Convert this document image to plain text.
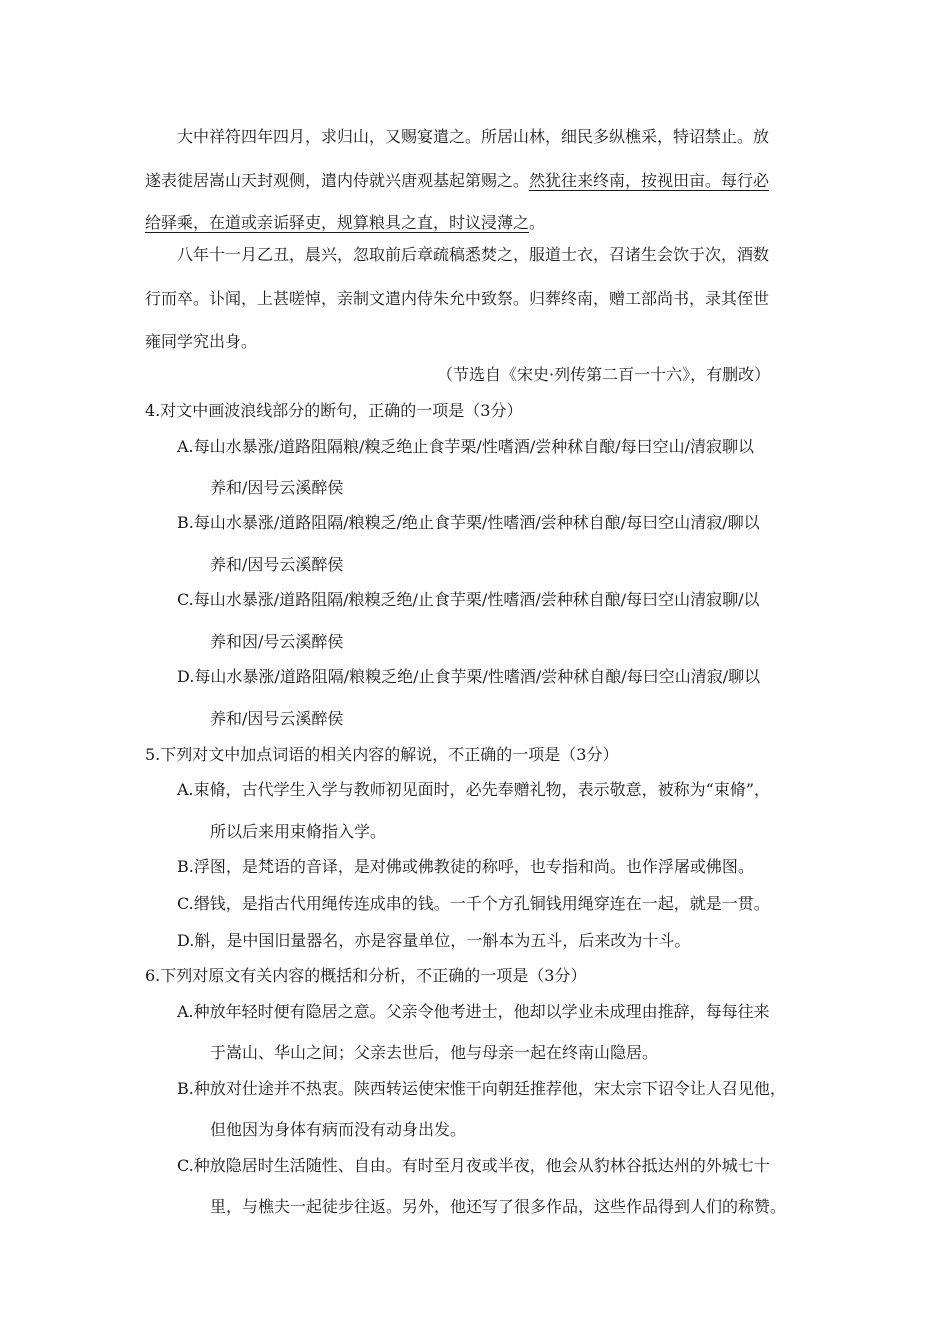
大中祥符四年四月，求归山，又赐宴遣之。所居山林，细民多纵樵采，特诏禁止。放
遂表徙居嵩山天封观侧，遣内侍就兴唐观基起第赐之。然犹往来终南，按视田亩。每行必
给驿乘，在道或亲诟驿吏，规算粮具之直，时议浸薄之。
八年十一月乙丑，晨兴，忽取前后章疏稿悉焚之，服道士衣，召诸生会饮于次，酒数
行而卒。讣闻，上甚嗟悼，亲制文遣内侍朱允中致祭。归葬终南，赠工部尚书，录其侄世
雍同学究出身。
（节选自《宋史·列传第二百一十六》，有删改）
4.对文中画波浪线部分的断句，正确的一项是（3分）
A.每山水暴涨/道路阻隔粮/糗乏绝止食芋栗/性嗜酒/尝种秫自酿/每曰空山/清寂聊以
养和/因号云溪醉侯
B.每山水暴涨/道路阻隔/粮糗乏/绝止食芋栗/性嗜酒/尝种秫自酿/每曰空山清寂/聊以
养和/因号云溪醉侯
C.每山水暴涨/道路阻隔/粮糗乏绝/止食芋栗/性嗜酒/尝种秫自酿/每曰空山清寂聊/以
养和因/号云溪醉侯
D.每山水暴涨/道路阻隔/粮糗乏绝/止食芋栗/性嗜酒/尝种秫自酿/每曰空山清寂/聊以
养和/因号云溪醉侯
5.下列对文中加点词语的相关内容的解说，不正确的一项是（3分）
A.束脩，古代学生入学与教师初见面时，必先奉赠礼物，表示敬意，被称为“束脩”，
所以后来用束脩指入学。
B.浮图，是梵语的音译，是对佛或佛教徒的称呼，也专指和尚。也作浮屠或佛图。
C.缗钱，是指古代用绳传连成串的钱。一千个方孔铜钱用绳穿连在一起，就是一贯。
D.斛，是中国旧量器名，亦是容量单位，一斛本为五斗，后来改为十斗。
6.下列对原文有关内容的概括和分析，不正确的一项是（3分）
A.种放年轻时便有隐居之意。父亲令他考进士，他却以学业未成理由推辞，每每往来
于嵩山、华山之间；父亲去世后，他与母亲一起在终南山隐居。
B.种放对仕途并不热衷。陕西转运使宋惟干向朝廷推荐他，宋太宗下诏令让人召见他，
但他因为身体有病而没有动身出发。
C.种放隐居时生活随性、自由。有时至月夜或半夜，他会从豹林谷抵达州的外城七十
里，与樵夫一起徒步往返。另外，他还写了很多作品，这些作品得到人们的称赞。
